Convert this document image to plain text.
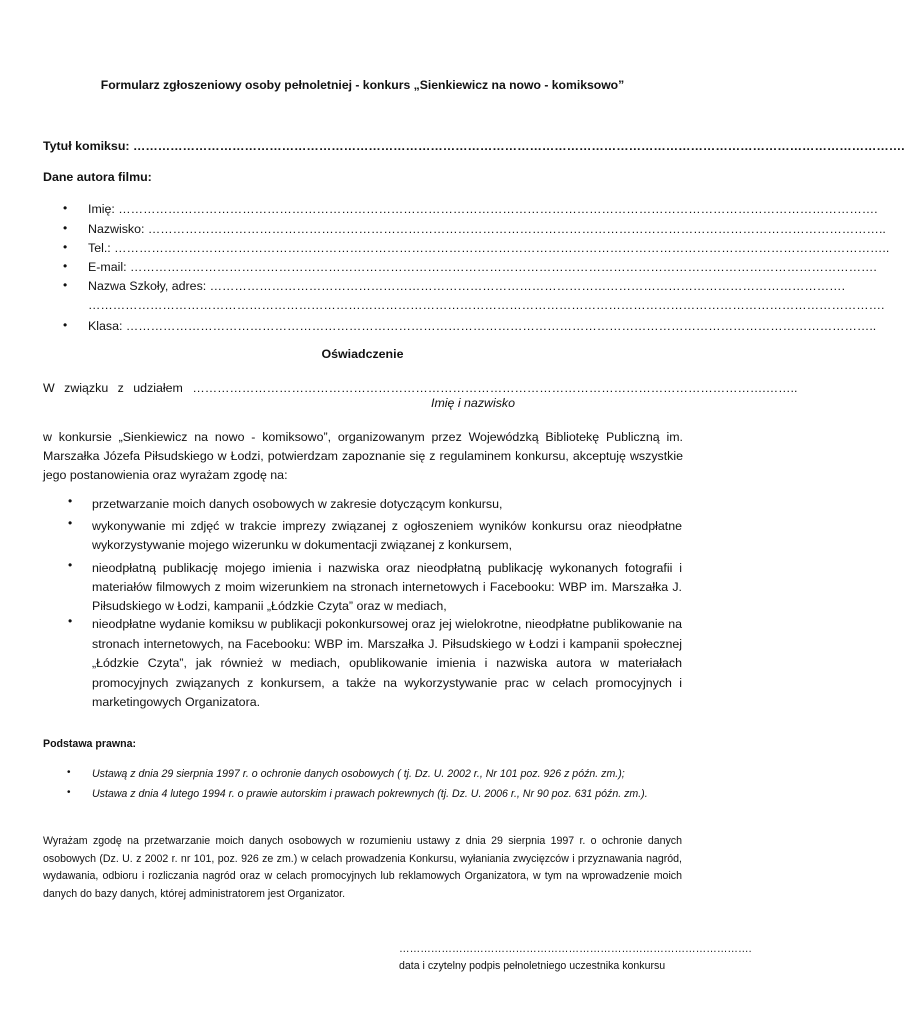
Formularz zgłoszeniowy osoby pełnoletniej - konkurs „Sienkiewicz na nowo - komiksowo”
Tytuł komiksu: …………………………………………………………………………………………………………………………………………………………………….
Dane autora filmu:
• Imię: ………………………………………………………………………………………………………………………………………………………………….
• Nazwisko: ……………………………………………………………………………………………………………………………………………………………..
• Tel.: ……………………………………………………………………………………………………………………………………………………………………..
• E-mail: ……………………………………………………………………………………………………………………………………………………………….
• Nazwa Szkoły, adres: ……………………………………………………………………………………………………………………………………….
………………………………………………………………………………………………………………………………………………………………………….
• Klasa: ………………………………………………………………………………………………………………………………………………………………..
Oświadczenie
W związku z udziałem ………………………………………………………………………………………………………………………….……..
Imię i nazwisko
w konkursie „Sienkiewicz na nowo - komiksowo”, organizowanym przez Wojewódzką Bibliotekę Publiczną im. Marszałka Józefa Piłsudskiego w Łodzi, potwierdzam zapoznanie się z regulaminem konkursu, akceptuję wszystkie jego postanowienia oraz wyrażam zgodę na:
• przetwarzanie moich danych osobowych w zakresie dotyczącym konkursu,
• wykonywanie mi zdjęć w trakcie imprezy związanej z ogłoszeniem wyników konkursu oraz nieodpłatne wykorzystywanie mojego wizerunku w dokumentacji związanej z konkursem,
• nieodpłatną publikację mojego imienia i nazwiska oraz nieodpłatną publikację wykonanych fotografii i materiałów filmowych z moim wizerunkiem na stronach internetowych i Facebooku: WBP im. Marszałka J. Piłsudskiego w Łodzi, kampanii „Łódzkie Czyta” oraz w mediach,
• nieodpłatne wydanie komiksu w publikacji pokonkursowej oraz jej wielokrotne, nieodpłatne publikowanie na stronach internetowych, na Facebooku: WBP im. Marszałka J. Piłsudskiego w Łodzi i kampanii społecznej „Łódzkie Czyta”, jak również w mediach, opublikowanie imienia i nazwiska autora w materiałach promocyjnych związanych z konkursem, a także na wykorzystywanie prac w celach promocyjnych i marketingowych Organizatora.
Podstawa prawna:
• Ustawą z dnia 29 sierpnia 1997 r. o ochronie danych osobowych ( tj. Dz. U. 2002 r., Nr 101 poz. 926 z późn. zm.);
• Ustawa z dnia 4 lutego 1994 r. o prawie autorskim i prawach pokrewnych (tj. Dz. U. 2006 r., Nr 90 poz. 631 późn. zm.).
Wyrażam zgodę na przetwarzanie moich danych osobowych w rozumieniu ustawy z dnia 29 sierpnia 1997 r. o ochronie danych osobowych (Dz. U. z 2002 r. nr 101, poz. 926 ze zm.) w celach prowadzenia Konkursu, wyłaniania zwycięzców i przyznawania nagród, wydawania, odbioru i rozliczania nagród oraz w celach promocyjnych lub reklamowych Organizatora, w tym na wprowadzenie moich danych do bazy danych, której administratorem jest Organizator.
……………………………………………………………………………………….
data i czytelny podpis pełnoletniego uczestnika konkursu
